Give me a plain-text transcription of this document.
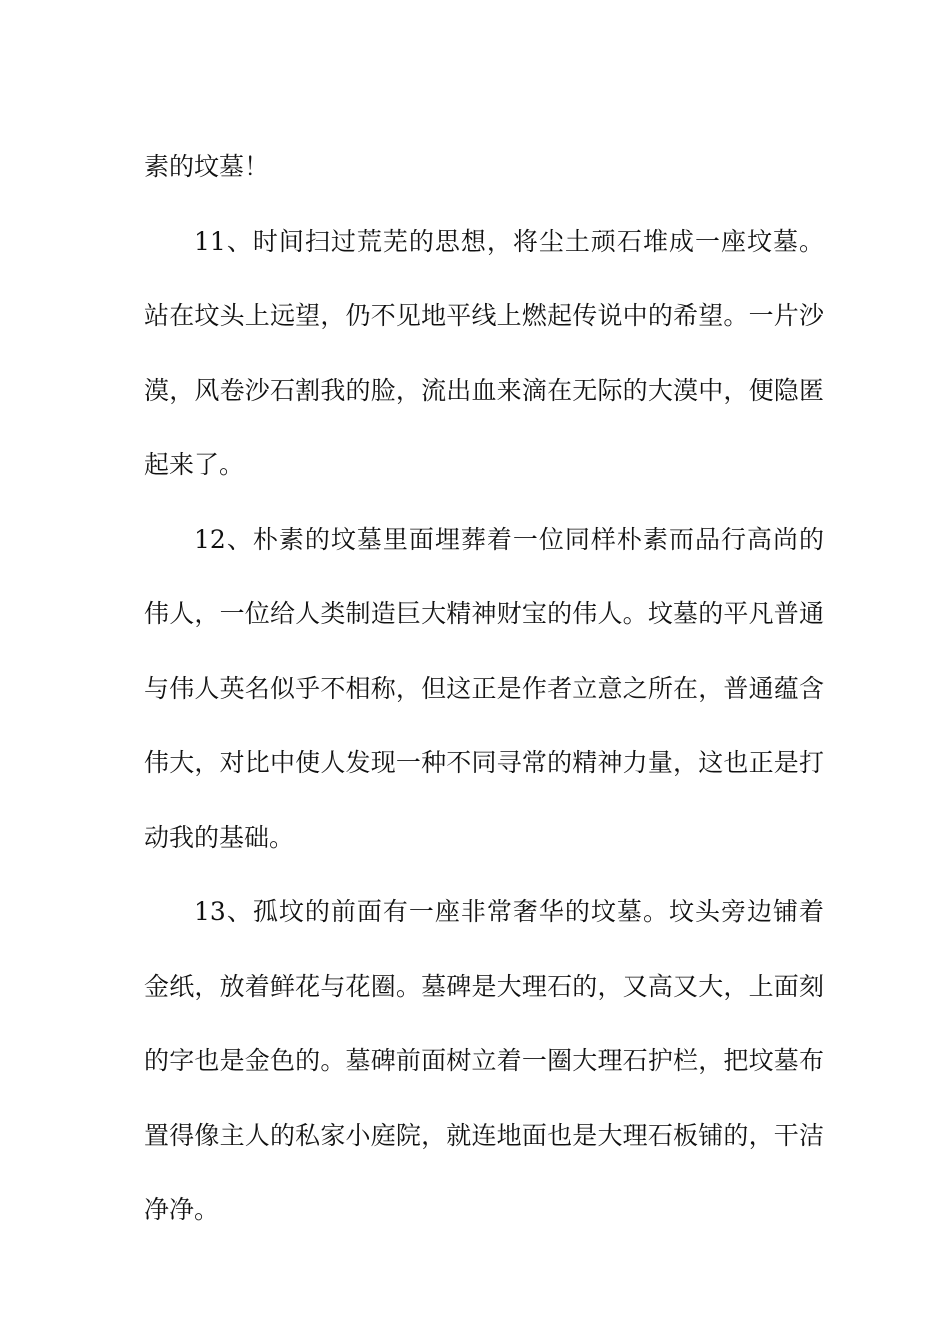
素的坟墓！

11、时间扫过荒芜的思想，将尘土顽石堆成一座坟墓。站在坟头上远望，仍不见地平线上燃起传说中的希望。一片沙漠，风卷沙石割我的脸，流出血来滴在无际的大漠中，便隐匿起来了。

12、朴素的坟墓里面埋葬着一位同样朴素而品行高尚的伟人，一位给人类制造巨大精神财宝的伟人。坟墓的平凡普通与伟人英名似乎不相称，但这正是作者立意之所在，普通蕴含伟大，对比中使人发现一种不同寻常的精神力量，这也正是打动我的基础。

13、孤坟的前面有一座非常奢华的坟墓。坟头旁边铺着金纸，放着鲜花与花圈。墓碑是大理石的，又高又大，上面刻的字也是金色的。墓碑前面树立着一圈大理石护栏，把坟墓布置得像主人的私家小庭院，就连地面也是大理石板铺的，干洁净净。
